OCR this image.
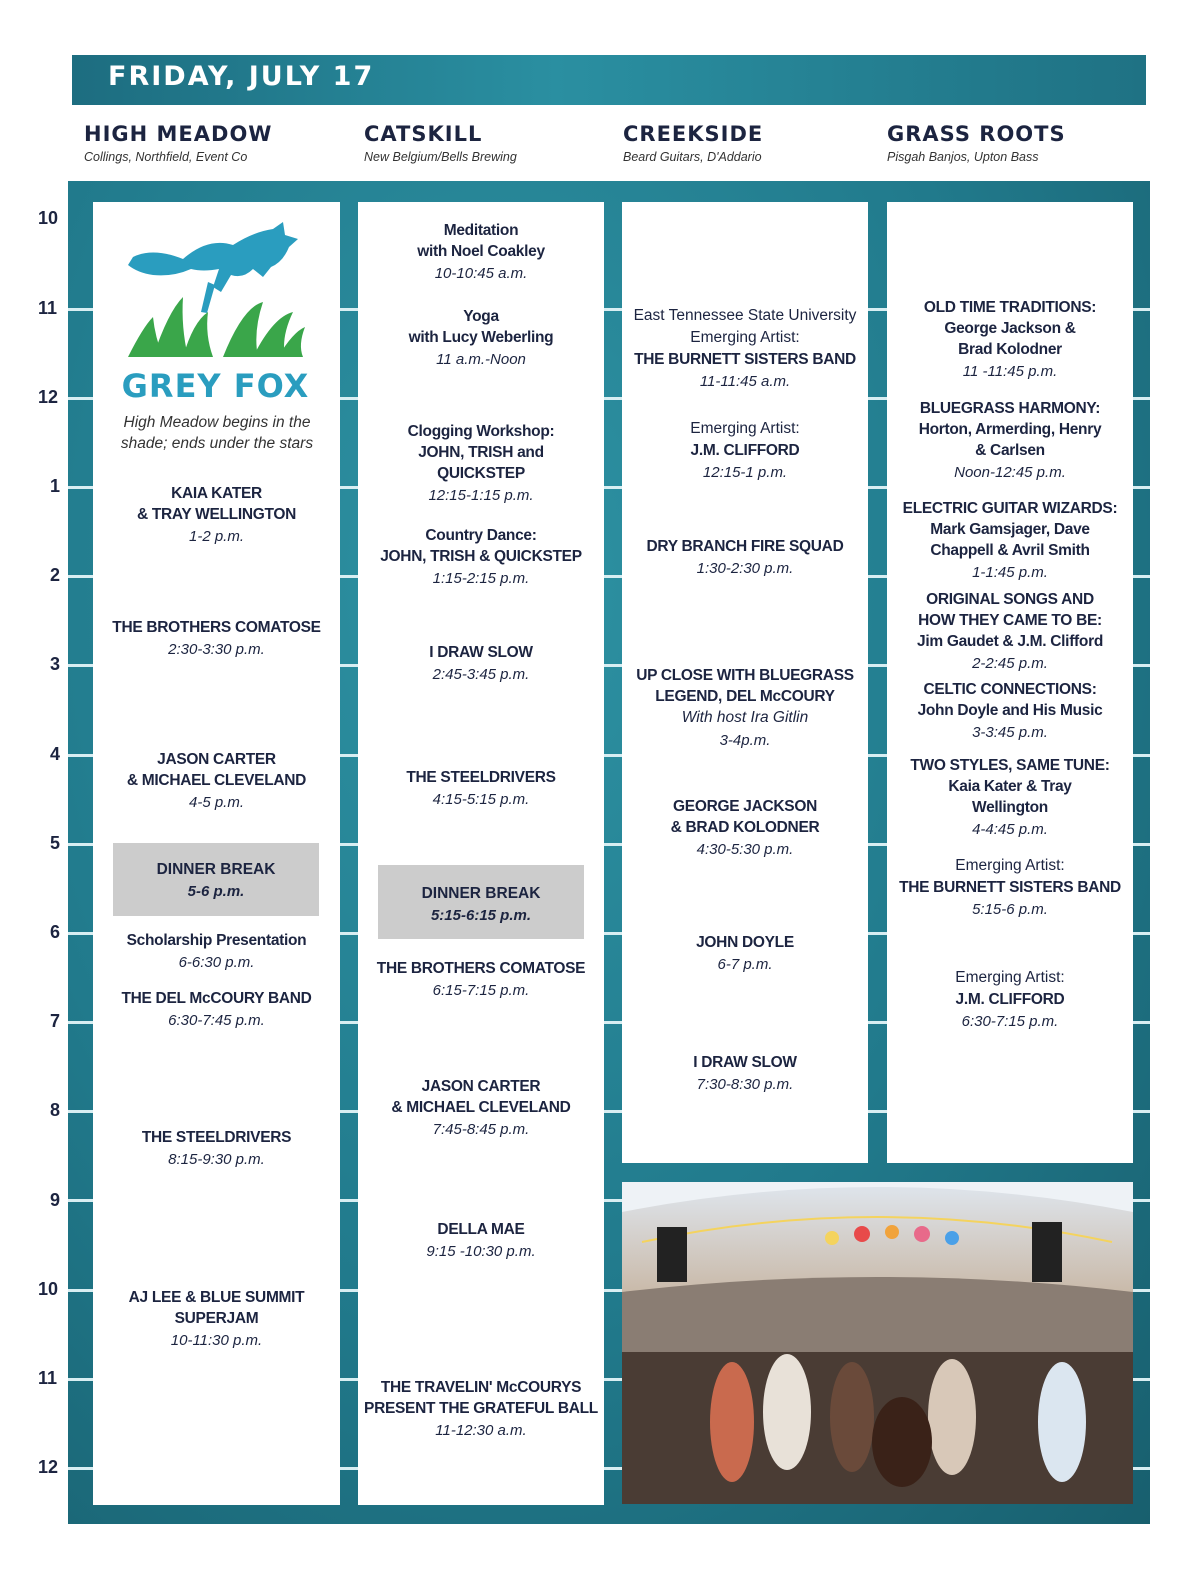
FRIDAY, JULY 17
HIGH MEADOW
Collings, Northfield, Event Co
CATSKILL
New Belgium/Bells Brewing
CREEKSIDE
Beard Guitars, D'Addario
GRASS ROOTS
Pisgah Banjos, Upton Bass
10
11
12
1
2
3
4
5
6
7
8
9
10
11
12
GREY FOX
High Meadow begins in the shade; ends under the stars
KAIA KATER
& TRAY WELLINGTON
1-2 p.m.
THE BROTHERS COMATOSE
2:30-3:30 p.m.
JASON CARTER
& MICHAEL CLEVELAND
4-5 p.m.
DINNER BREAK
5-6 p.m.
Scholarship Presentation
6-6:30 p.m.
THE DEL McCOURY BAND
6:30-7:45 p.m.
THE STEELDRIVERS
8:15-9:30 p.m.
AJ LEE & BLUE SUMMIT
SUPERJAM
10-11:30 p.m.
Meditation
with Noel Coakley
10-10:45 a.m.
Yoga
with Lucy Weberling
11 a.m.-Noon
Clogging Workshop:
JOHN, TRISH and
QUICKSTEP
12:15-1:15 p.m.
Country Dance:
JOHN, TRISH & QUICKSTEP
1:15-2:15 p.m.
I DRAW SLOW
2:45-3:45 p.m.
THE STEELDRIVERS
4:15-5:15 p.m.
DINNER BREAK
5:15-6:15 p.m.
THE BROTHERS COMATOSE
6:15-7:15 p.m.
JASON CARTER
& MICHAEL CLEVELAND
7:45-8:45 p.m.
DELLA MAE
9:15 -10:30 p.m.
THE TRAVELIN' McCOURYS
PRESENT THE GRATEFUL BALL
11-12:30 a.m.
East Tennessee State University
Emerging Artist:
THE BURNETT SISTERS BAND
11-11:45 a.m.
Emerging Artist:
J.M. CLIFFORD
12:15-1 p.m.
DRY BRANCH FIRE SQUAD
1:30-2:30 p.m.
UP CLOSE WITH BLUEGRASS
LEGEND, DEL McCOURY
With host Ira Gitlin
3-4p.m.
GEORGE JACKSON
& BRAD KOLODNER
4:30-5:30 p.m.
JOHN DOYLE
6-7 p.m.
I DRAW SLOW
7:30-8:30 p.m.
OLD TIME TRADITIONS:
George Jackson &
Brad Kolodner
11 -11:45 p.m.
BLUEGRASS HARMONY:
Horton, Armerding, Henry
& Carlsen
Noon-12:45 p.m.
ELECTRIC GUITAR WIZARDS:
Mark Gamsjager, Dave
Chappell & Avril Smith
1-1:45 p.m.
ORIGINAL SONGS AND
HOW THEY CAME TO BE:
Jim Gaudet & J.M. Clifford
2-2:45 p.m.
CELTIC CONNECTIONS:
John Doyle and His Music
3-3:45 p.m.
TWO STYLES, SAME TUNE:
Kaia Kater & Tray
Wellington
4-4:45 p.m.
Emerging Artist:
THE BURNETT SISTERS BAND
5:15-6 p.m.
Emerging Artist:
J.M. CLIFFORD
6:30-7:15 p.m.
